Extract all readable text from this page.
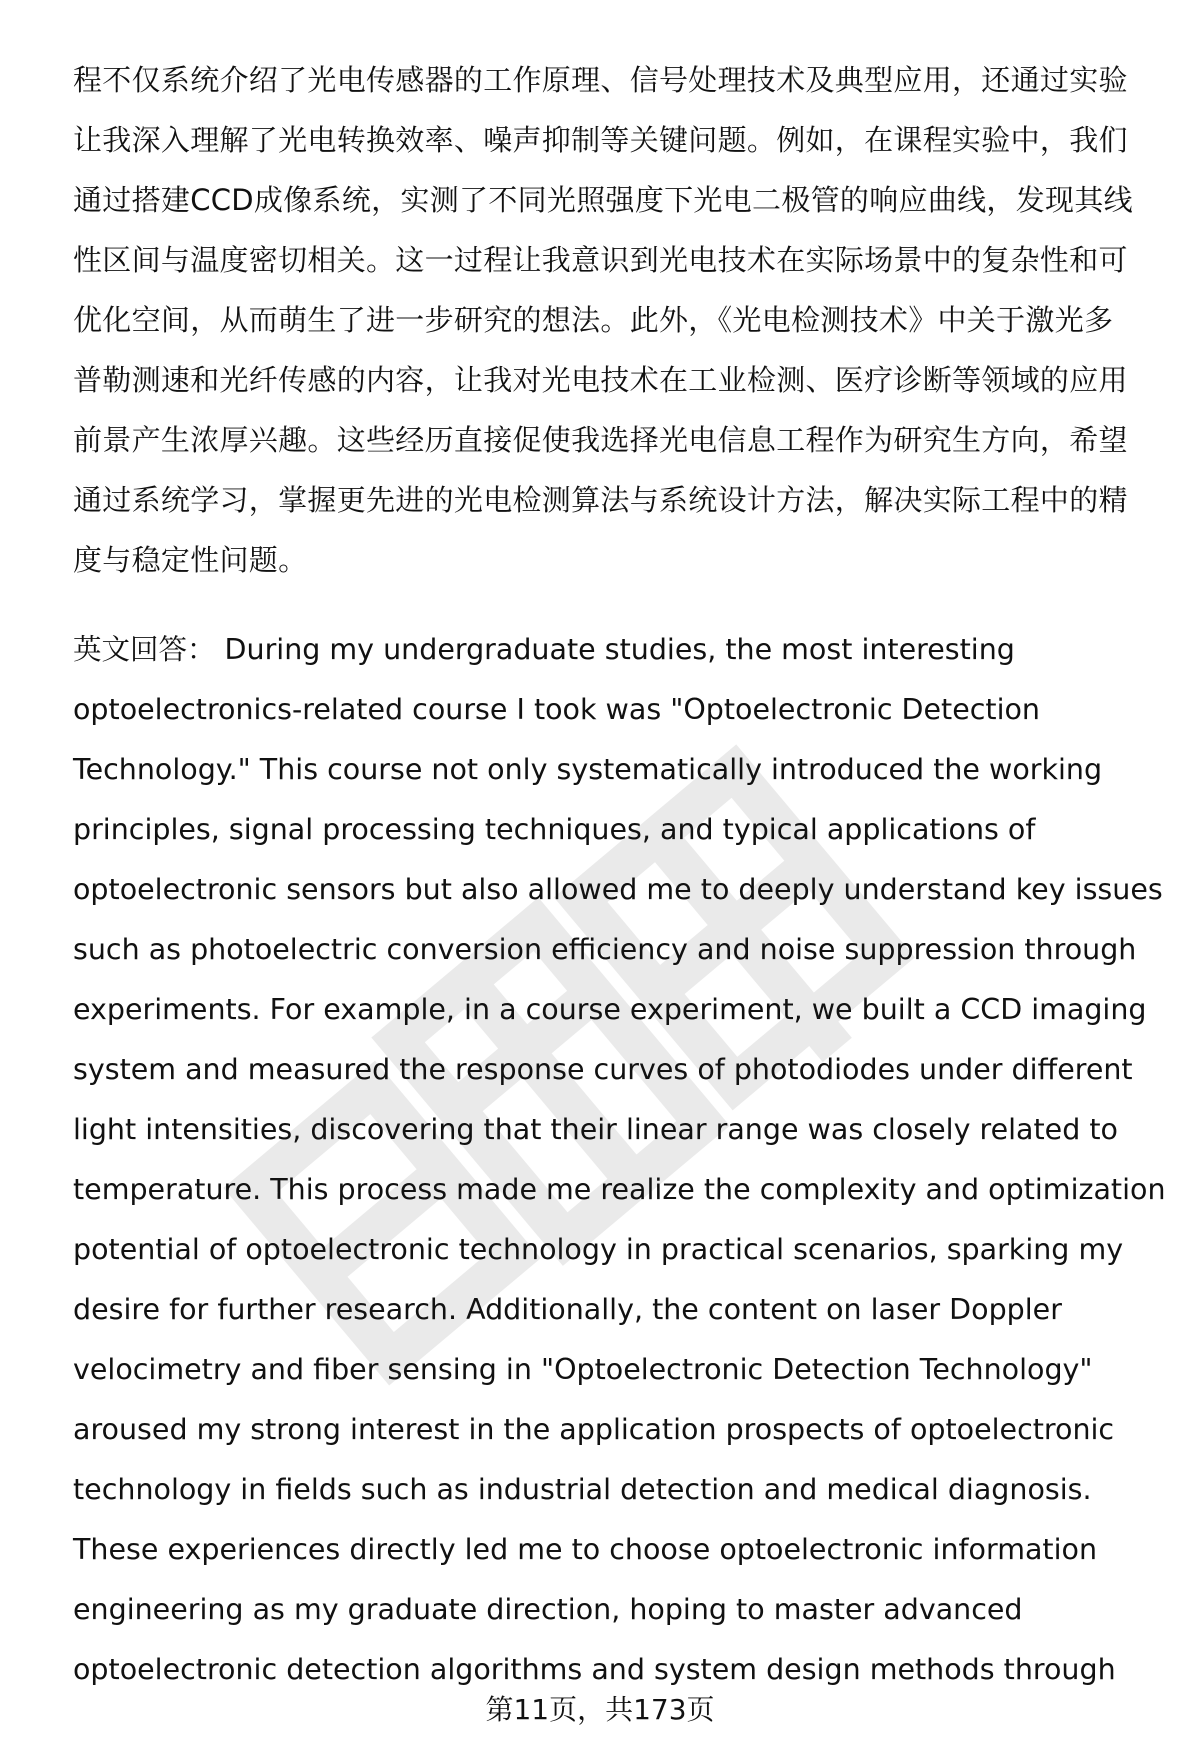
程不仅系统介绍了光电传感器的工作原理、信号处理技术及典型应用，还通过实验
让我深入理解了光电转换效率、噪声抑制等关键问题。例如，在课程实验中，我们
通过搭建CCD成像系统，实测了不同光照强度下光电二极管的响应曲线，发现其线
性区间与温度密切相关。这一过程让我意识到光电技术在实际场景中的复杂性和可
优化空间，从而萌生了进一步研究的想法。此外，《光电检测技术》中关于激光多
普勒测速和光纤传感的内容，让我对光电技术在工业检测、医疗诊断等领域的应用
前景产生浓厚兴趣。这些经历直接促使我选择光电信息工程作为研究生方向，希望
通过系统学习，掌握更先进的光电检测算法与系统设计方法，解决实际工程中的精
度与稳定性问题。
英文回答： During my undergraduate studies, the most interesting
optoelectronics-related course I took was "Optoelectronic Detection
Technology." This course not only systematically introduced the working
principles, signal processing techniques, and typical applications of
optoelectronic sensors but also allowed me to deeply understand key issues
such as photoelectric conversion efficiency and noise suppression through
experiments. For example, in a course experiment, we built a CCD imaging
system and measured the response curves of photodiodes under different
light intensities, discovering that their linear range was closely related to
temperature. This process made me realize the complexity and optimization
potential of optoelectronic technology in practical scenarios, sparking my
desire for further research. Additionally, the content on laser Doppler
velocimetry and fiber sensing in "Optoelectronic Detection Technology"
aroused my strong interest in the application prospects of optoelectronic
technology in fields such as industrial detection and medical diagnosis.
These experiences directly led me to choose optoelectronic information
engineering as my graduate direction, hoping to master advanced
optoelectronic detection algorithms and system design methods through
第11页，共173页
